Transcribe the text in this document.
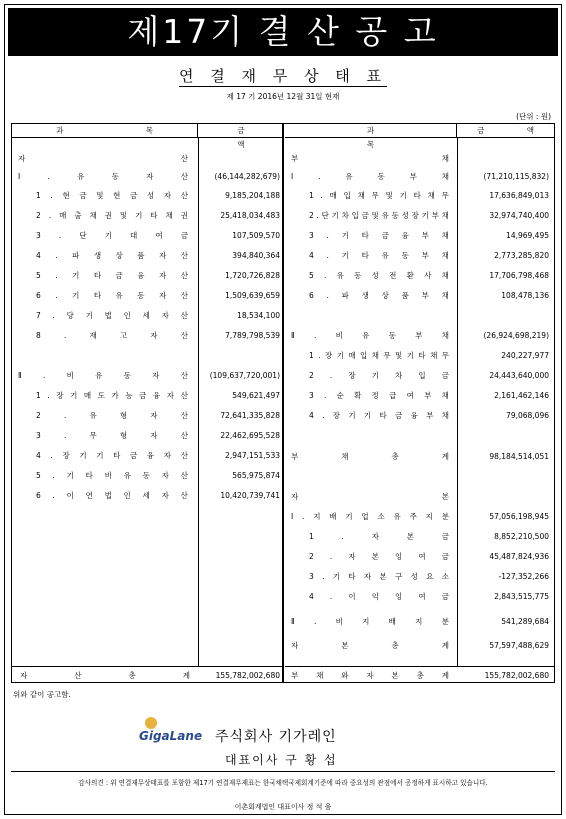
제17기 결 산 공 고
연 결 재 무 상 태 표
제 17 기 2016년 12월 31일 현재
(단위 : 원)
과 목	금 액
자	산
Ⅰ	.	유	동	자	산	(46,144,282,679)
1 . 현 금 및 현 금 성 자 산	9,185,204,188
2 . 매 출 채 권 및 기 타 채 권	25,418,034,483
3 . 단 기 대 여 금	107,509,570
4 . 파 생 상 품 자 산	394,840,364
5 . 기 타 금 융 자 산	1,720,726,828
6 . 기 타 유 동 자 산	1,509,639,659
7 . 당 기 법 인 세 자 산	18,534,100
8	.	재	고	자	산	7,789,798,539
Ⅱ	.	비	유	동	자	산	(109,637,720,001)
1 . 장 기 매 도 가 능 금 융 자 산	549,621,497
2	.	유	형	자	산	72,641,335,828
3	.	무	형	자	산	22,462,695,528
4 . 장 기 기 타 금 융 자 산	2,947,151,533
5 . 기 타 비 유 동 자 산	565,975,874
6 . 이 연 법 인 세 자 산	10,420,739,741
자	산	총	계	155,782,002,680
과 목
금 액
부	채
Ⅰ	.	유	동	부	채	(71,210,115,832)
1 . 매 입 채 무 및 기 타 채 무	17,636,849,013
2 . 단 기 차 입 금 및 유 동 성 장 기 부 채	32,974,740,400
3 . 기 타 금 융 부 채	14,969,495
4 . 기 타 유 동 부 채	2,773,285,820
5 . 유 동 성 전 환 사 채	17,706,798,468
6 . 파 생 상 품 부 채	108,478,136
Ⅱ	.	비	유	동	부	채	(26,924,698,219)
1 . 장 기 매 입 채 무 및 기 타 채 무	240,227,977
2 . 장 기 차 입 금	24,443,640,000
3 . 순 확 정 급 여 부 채	2,161,462,146
4 . 장 기 기 타 금 융 부 채	79,068,096
부	채	총	계	98,184,514,051
자	본
Ⅰ . 지 배 기 업 소 유 주 지 분	57,056,198,945
1	.	자	본	금	8,852,210,500
2 . 자 본 잉 여 금	45,487,824,936
3 . 기 타 자 본 구 성 요 소	-127,352,266
4 . 이 익 잉 여 금	2,843,515,775
Ⅱ	.	비	지	배	지	분	541,289,684
자	본	총	계	57,597,488,629
부 채 와 자 본 총 계	155,782,002,680
위와 같이 공고함.
GigaLane 주식회사 기가레인
대표이사 구 황 섭
감사의견 : 위 연결재무상태표를 포함한 제17기 연결재무제표는 한국채택국제회계기준에 따라 중요성의 관점에서 공정하게 표시하고 있습니다.
이촌회계법인 대표이사 정 석 융
